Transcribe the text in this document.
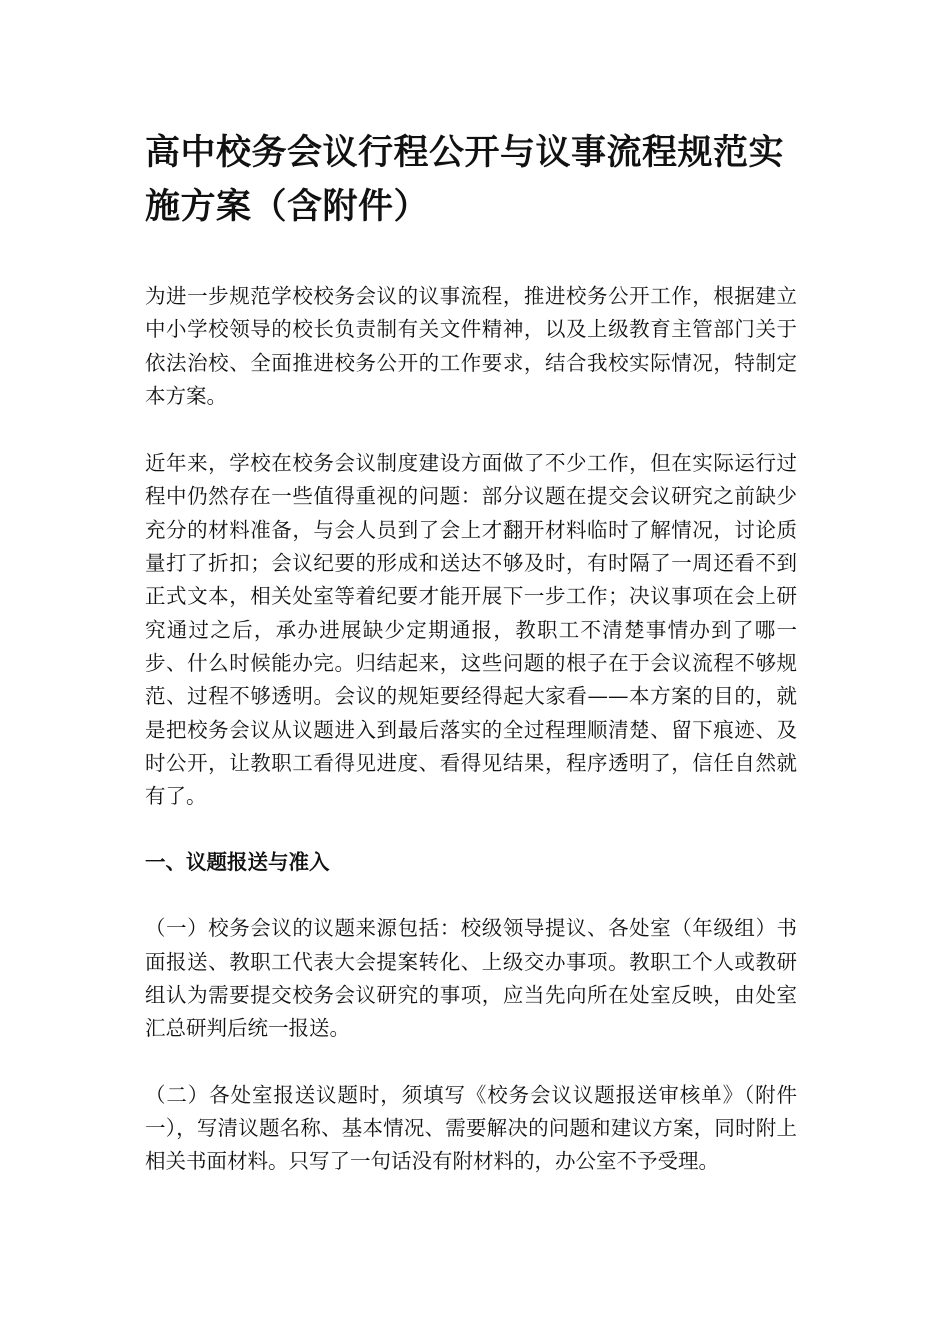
高中校务会议行程公开与议事流程规范实施方案（含附件）

为进一步规范学校校务会议的议事流程，推进校务公开工作，根据建立中小学校领导的校长负责制有关文件精神，以及上级教育主管部门关于依法治校、全面推进校务公开的工作要求，结合我校实际情况，特制定本方案。

近年来，学校在校务会议制度建设方面做了不少工作，但在实际运行过程中仍然存在一些值得重视的问题：部分议题在提交会议研究之前缺少充分的材料准备，与会人员到了会上才翻开材料临时了解情况，讨论质量打了折扣；会议纪要的形成和送达不够及时，有时隔了一周还看不到正式文本，相关处室等着纪要才能开展下一步工作；决议事项在会上研究通过之后，承办进展缺少定期通报，教职工不清楚事情办到了哪一步、什么时候能办完。归结起来，这些问题的根子在于会议流程不够规范、过程不够透明。会议的规矩要经得起大家看——本方案的目的，就是把校务会议从议题进入到最后落实的全过程理顺清楚、留下痕迹、及时公开，让教职工看得见进度、看得见结果，程序透明了，信任自然就有了。

一、议题报送与准入

（一）校务会议的议题来源包括：校级领导提议、各处室（年级组）书面报送、教职工代表大会提案转化、上级交办事项。教职工个人或教研组认为需要提交校务会议研究的事项，应当先向所在处室反映，由处室汇总研判后统一报送。

（二）各处室报送议题时，须填写《校务会议议题报送审核单》（附件一），写清议题名称、基本情况、需要解决的问题和建议方案，同时附上相关书面材料。只写了一句话没有附材料的，办公室不予受理。
